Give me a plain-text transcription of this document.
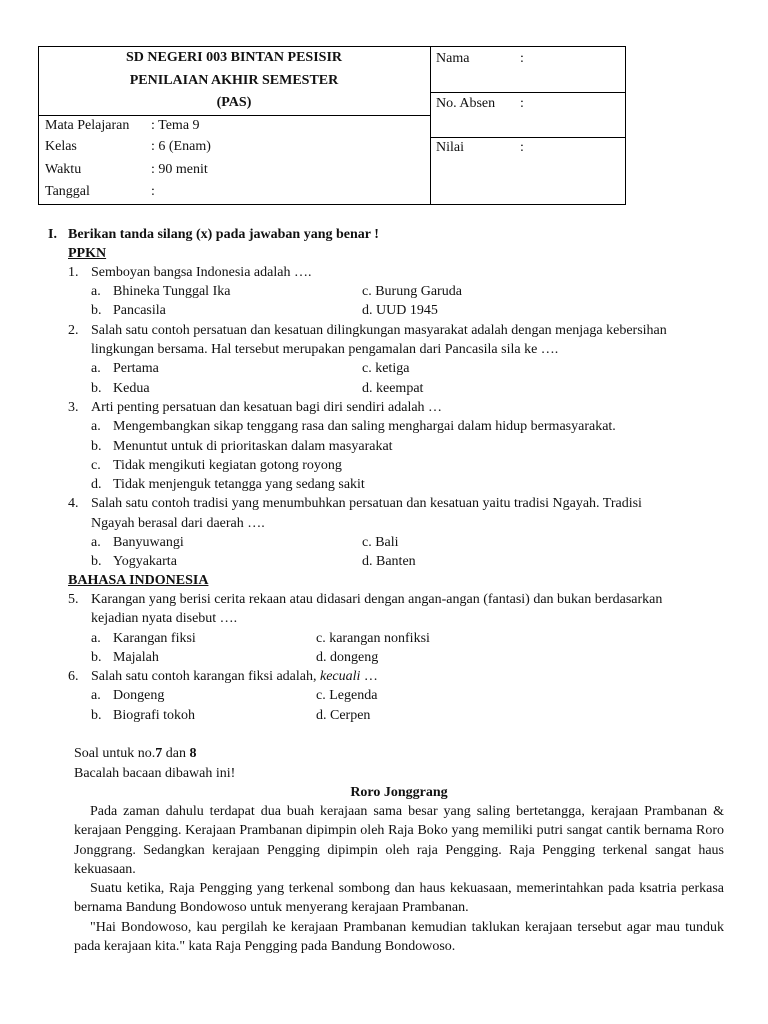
SD NEGERI 003 BINTAN PESISIR
PENILAIAN AKHIR SEMESTER
(PAS)
Mata Pelajaran : Tema 9
Kelas	: 6 (Enam)
Waktu	: 90 menit
Tanggal	:
Nama	:
No. Absen :
Nilai	:
I. Berikan tanda silang (x) pada jawaban yang benar !
PPKN
1. Semboyan bangsa Indonesia adalah ….
a. Bhineka Tunggal Ika	c. Burung Garuda
b. Pancasila	d. UUD 1945
2. Salah satu contoh persatuan dan kesatuan dilingkungan masyarakat adalah dengan menjaga kebersihan
lingkungan bersama. Hal tersebut merupakan pengamalan dari Pancasila sila ke ….
a. Pertama	c. ketiga
b. Kedua	d. keempat
3. Arti penting persatuan dan kesatuan bagi diri sendiri adalah …
a. Mengembangkan sikap tenggang rasa dan saling menghargai dalam hidup bermasyarakat.
b. Menuntut untuk di prioritaskan dalam masyarakat
c. Tidak mengikuti kegiatan gotong royong
d. Tidak menjenguk tetangga yang sedang sakit
4. Salah satu contoh tradisi yang menumbuhkan persatuan dan kesatuan yaitu tradisi Ngayah. Tradisi
Ngayah berasal dari daerah ….
a. Banyuwangi	c. Bali
b. Yogyakarta	d. Banten
BAHASA INDONESIA
5. Karangan yang berisi cerita rekaan atau didasari dengan angan-angan (fantasi) dan bukan berdasarkan
kejadian nyata disebut ….
a. Karangan fiksi	c. karangan nonfiksi
b. Majalah	d. dongeng
6. Salah satu contoh karangan fiksi adalah, kecuali …
a. Dongeng	c. Legenda
b. Biografi tokoh	d. Cerpen
Soal untuk no.7 dan 8
Bacalah bacaan dibawah ini!
Roro Jonggrang
Pada zaman dahulu terdapat dua buah kerajaan sama besar yang saling bertetangga, kerajaan Prambanan & kerajaan Pengging. Kerajaan Prambanan dipimpin oleh Raja Boko yang memiliki putri sangat cantik bernama Roro Jonggrang. Sedangkan kerajaan Pengging dipimpin oleh raja Pengging. Raja Pengging terkenal sangat haus kekuasaan.
Suatu ketika, Raja Pengging yang terkenal sombong dan haus kekuasaan, memerintahkan pada ksatria perkasa bernama Bandung Bondowoso untuk menyerang kerajaan Prambanan.
"Hai Bondowoso, kau pergilah ke kerajaan Prambanan kemudian taklukan kerajaan tersebut agar mau tunduk pada kerajaan kita." kata Raja Pengging pada Bandung Bondowoso.
